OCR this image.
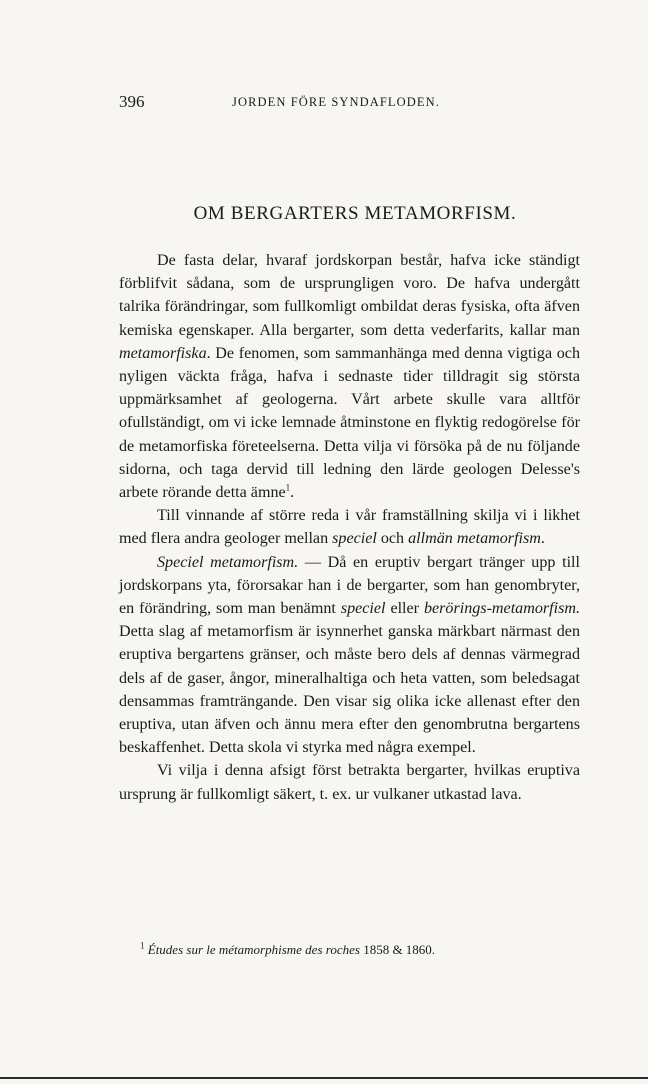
396	JORDEN FÖRE SYNDAFLODEN.
OM BERGARTERS METAMORFISM.

De fasta delar, hvaraf jordskorpan består, hafva icke ständigt förblifvit sådana, som de ursprungligen voro. De hafva undergått talrika förändringar, som fullkomligt ombildat deras fysiska, ofta äfven kemiska egenskaper. Alla bergarter, som detta vederfarits, kallar man metamorfiska. De fenomen, som sammanhänga med denna vigtiga och nyligen väckta fråga, hafva i sednaste tider tilldragit sig största uppmärksamhet af geologerna. Vårt arbete skulle vara alltför ofullständigt, om vi icke lemnade åtminstone en flyktig redogörelse för de metamorfiska företeelserna. Detta vilja vi försöka på de nu följande sidorna, och taga dervid till ledning den lärde geologen Delesse's arbete rörande detta ämne$^1$.

Till vinnande af större reda i vår framställning skilja vi i likhet med flera andra geologer mellan speciel och allmän metamorfism.

Speciel metamorfism. — Då en eruptiv bergart tränger upp till jordskorpans yta, förorsakar han i de bergarter, som han genombryter, en förändring, som man benämnt speciel eller berörings-metamorfism. Detta slag af metamorfism är isynnerhet ganska märkbart närmast den eruptiva bergartens gränser, och måste bero dels af dennas värmegrad dels af de gaser, ångor, mineralhaltiga och heta vatten, som beledsagat densammas framträngande. Den visar sig olika icke allenast efter den eruptiva, utan äfven och ännu mera efter den genombrutna bergartens beskaffenhet. Detta skola vi styrka med några exempel.

Vi vilja i denna afsigt först betrakta bergarter, hvilkas eruptiva ursprung är fullkomligt säkert, t. ex. ur vulkaner utkastad lava.

$^1$ Études sur le métamorphisme des roches 1858 & 1860.
